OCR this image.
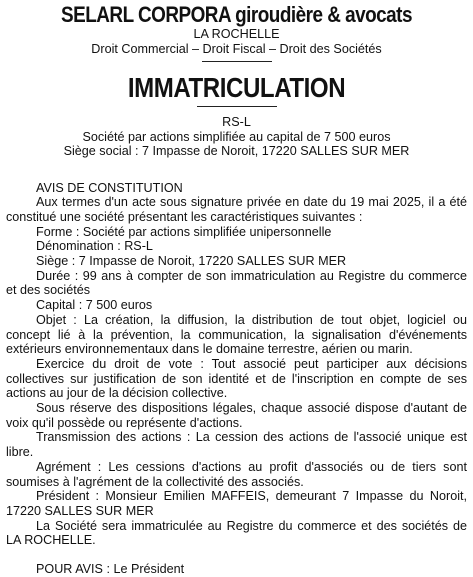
SELARL CORPORA giroudière & avocats
LA ROCHELLE
Droit Commercial – Droit Fiscal – Droit des Sociétés
IMMATRICULATION
RS-L
Société par actions simplifiée au capital de 7 500 euros
Siège social : 7 Impasse de Noroit, 17220 SALLES SUR MER

AVIS DE CONSTITUTION

Aux termes d'un acte sous signature privée en date du 19 mai 2025, il a été constitué une société présentant les caractéristiques suivantes :

Forme : Société par actions simplifiée unipersonnelle

Dénomination : RS-L

Siège : 7 Impasse de Noroit, 17220 SALLES SUR MER

Durée : 99 ans à compter de son immatriculation au Registre du commerce et des sociétés

Capital : 7 500 euros

Objet : La création, la diffusion, la distribution de tout objet, logiciel ou concept lié à la prévention, la communication, la signalisation d'événements extérieurs environnementaux dans le domaine terrestre, aérien ou marin.

Exercice du droit de vote : Tout associé peut participer aux décisions collectives sur justification de son identité et de l'inscription en compte de ses actions au jour de la décision collective.

Sous réserve des dispositions légales, chaque associé dispose d'autant de voix qu'il possède ou représente d'actions.

Transmission des actions : La cession des actions de l'associé unique est libre.

Agrément : Les cessions d'actions au profit d'associés ou de tiers sont soumises à l'agrément de la collectivité des associés.

Président : Monsieur Emilien MAFFEIS, demeurant 7 Impasse du Noroit, 17220 SALLES SUR MER

La Société sera immatriculée au Registre du commerce et des sociétés de LA ROCHELLE.

POUR AVIS : Le Président
